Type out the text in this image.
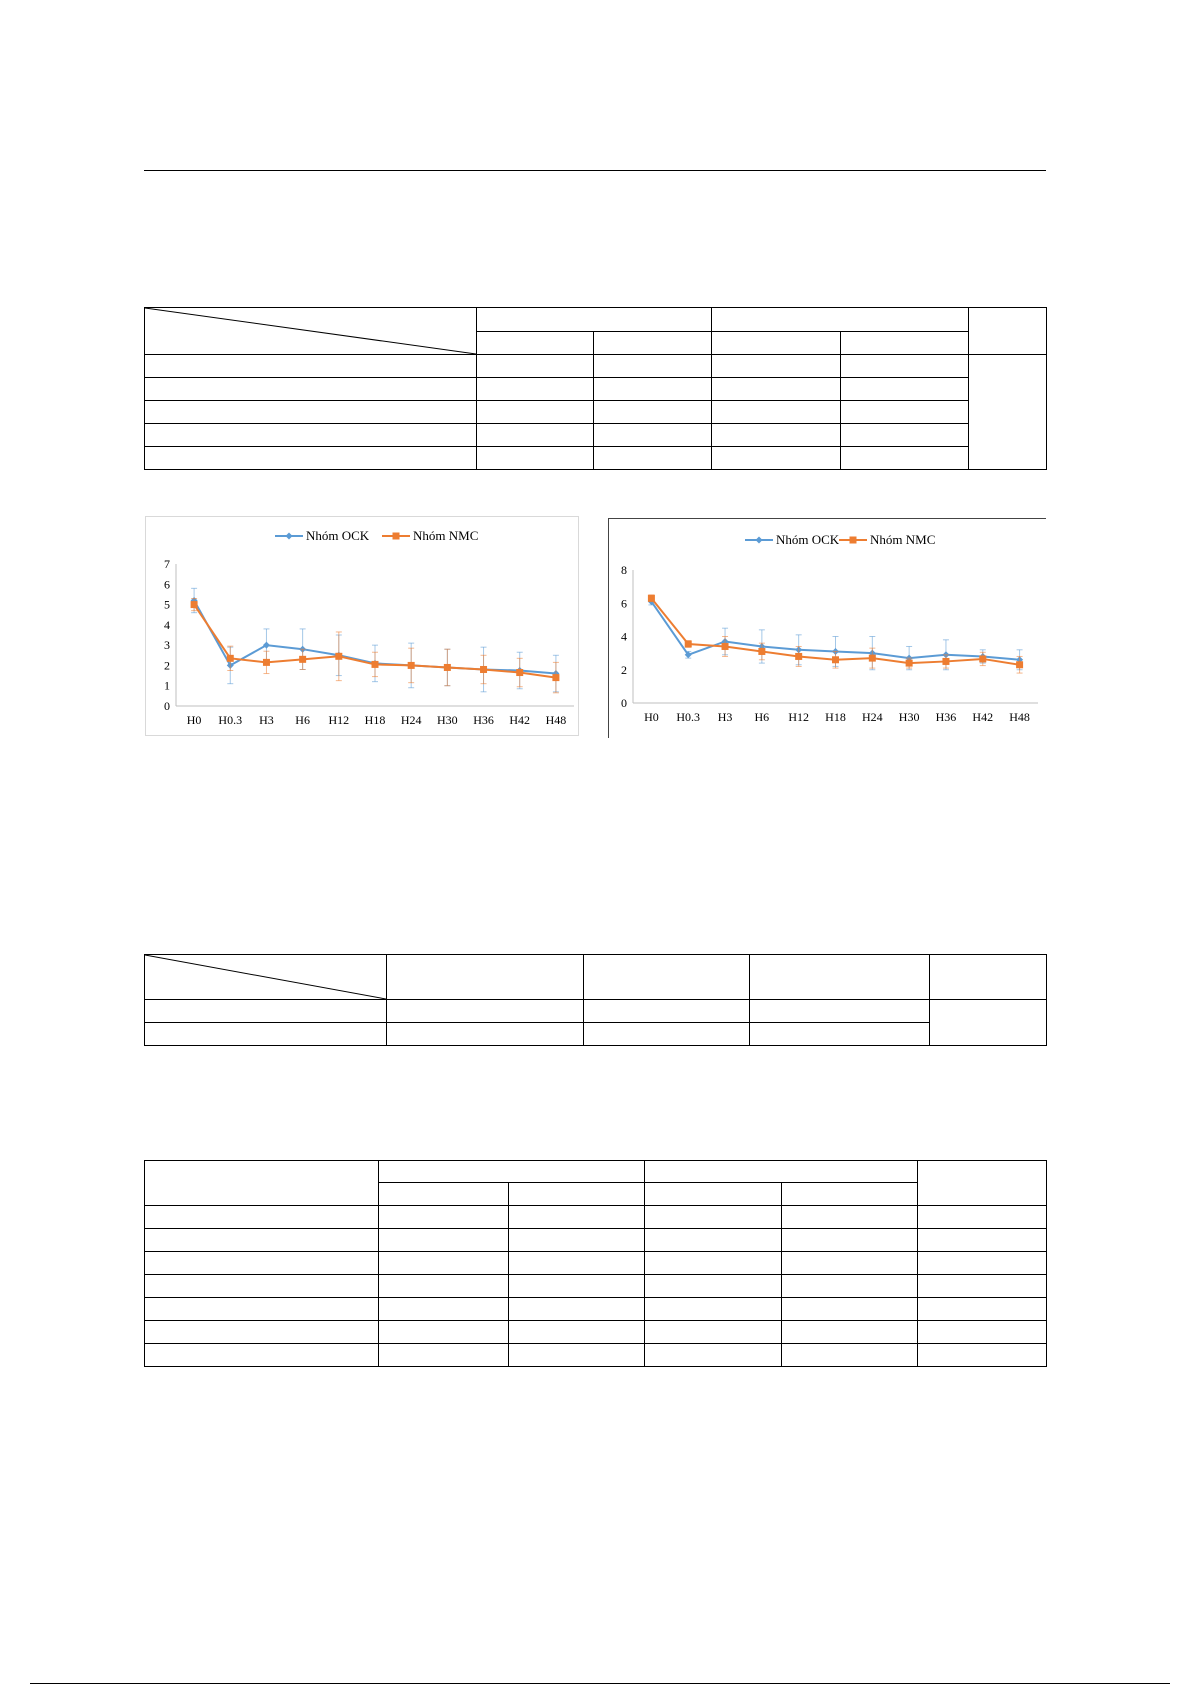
Nhóm OCK	Nhóm NMC
0
1
2
3
4
5
6
7
H0 H0.3 H3 H6 H12 H18 H24 H30 H36 H42 H48
Nhóm OCK Nhóm NMC
0
2
4
6
8
H0 H0.3 H3 H6 H12 H18 H24 H30 H36 H42 H48
